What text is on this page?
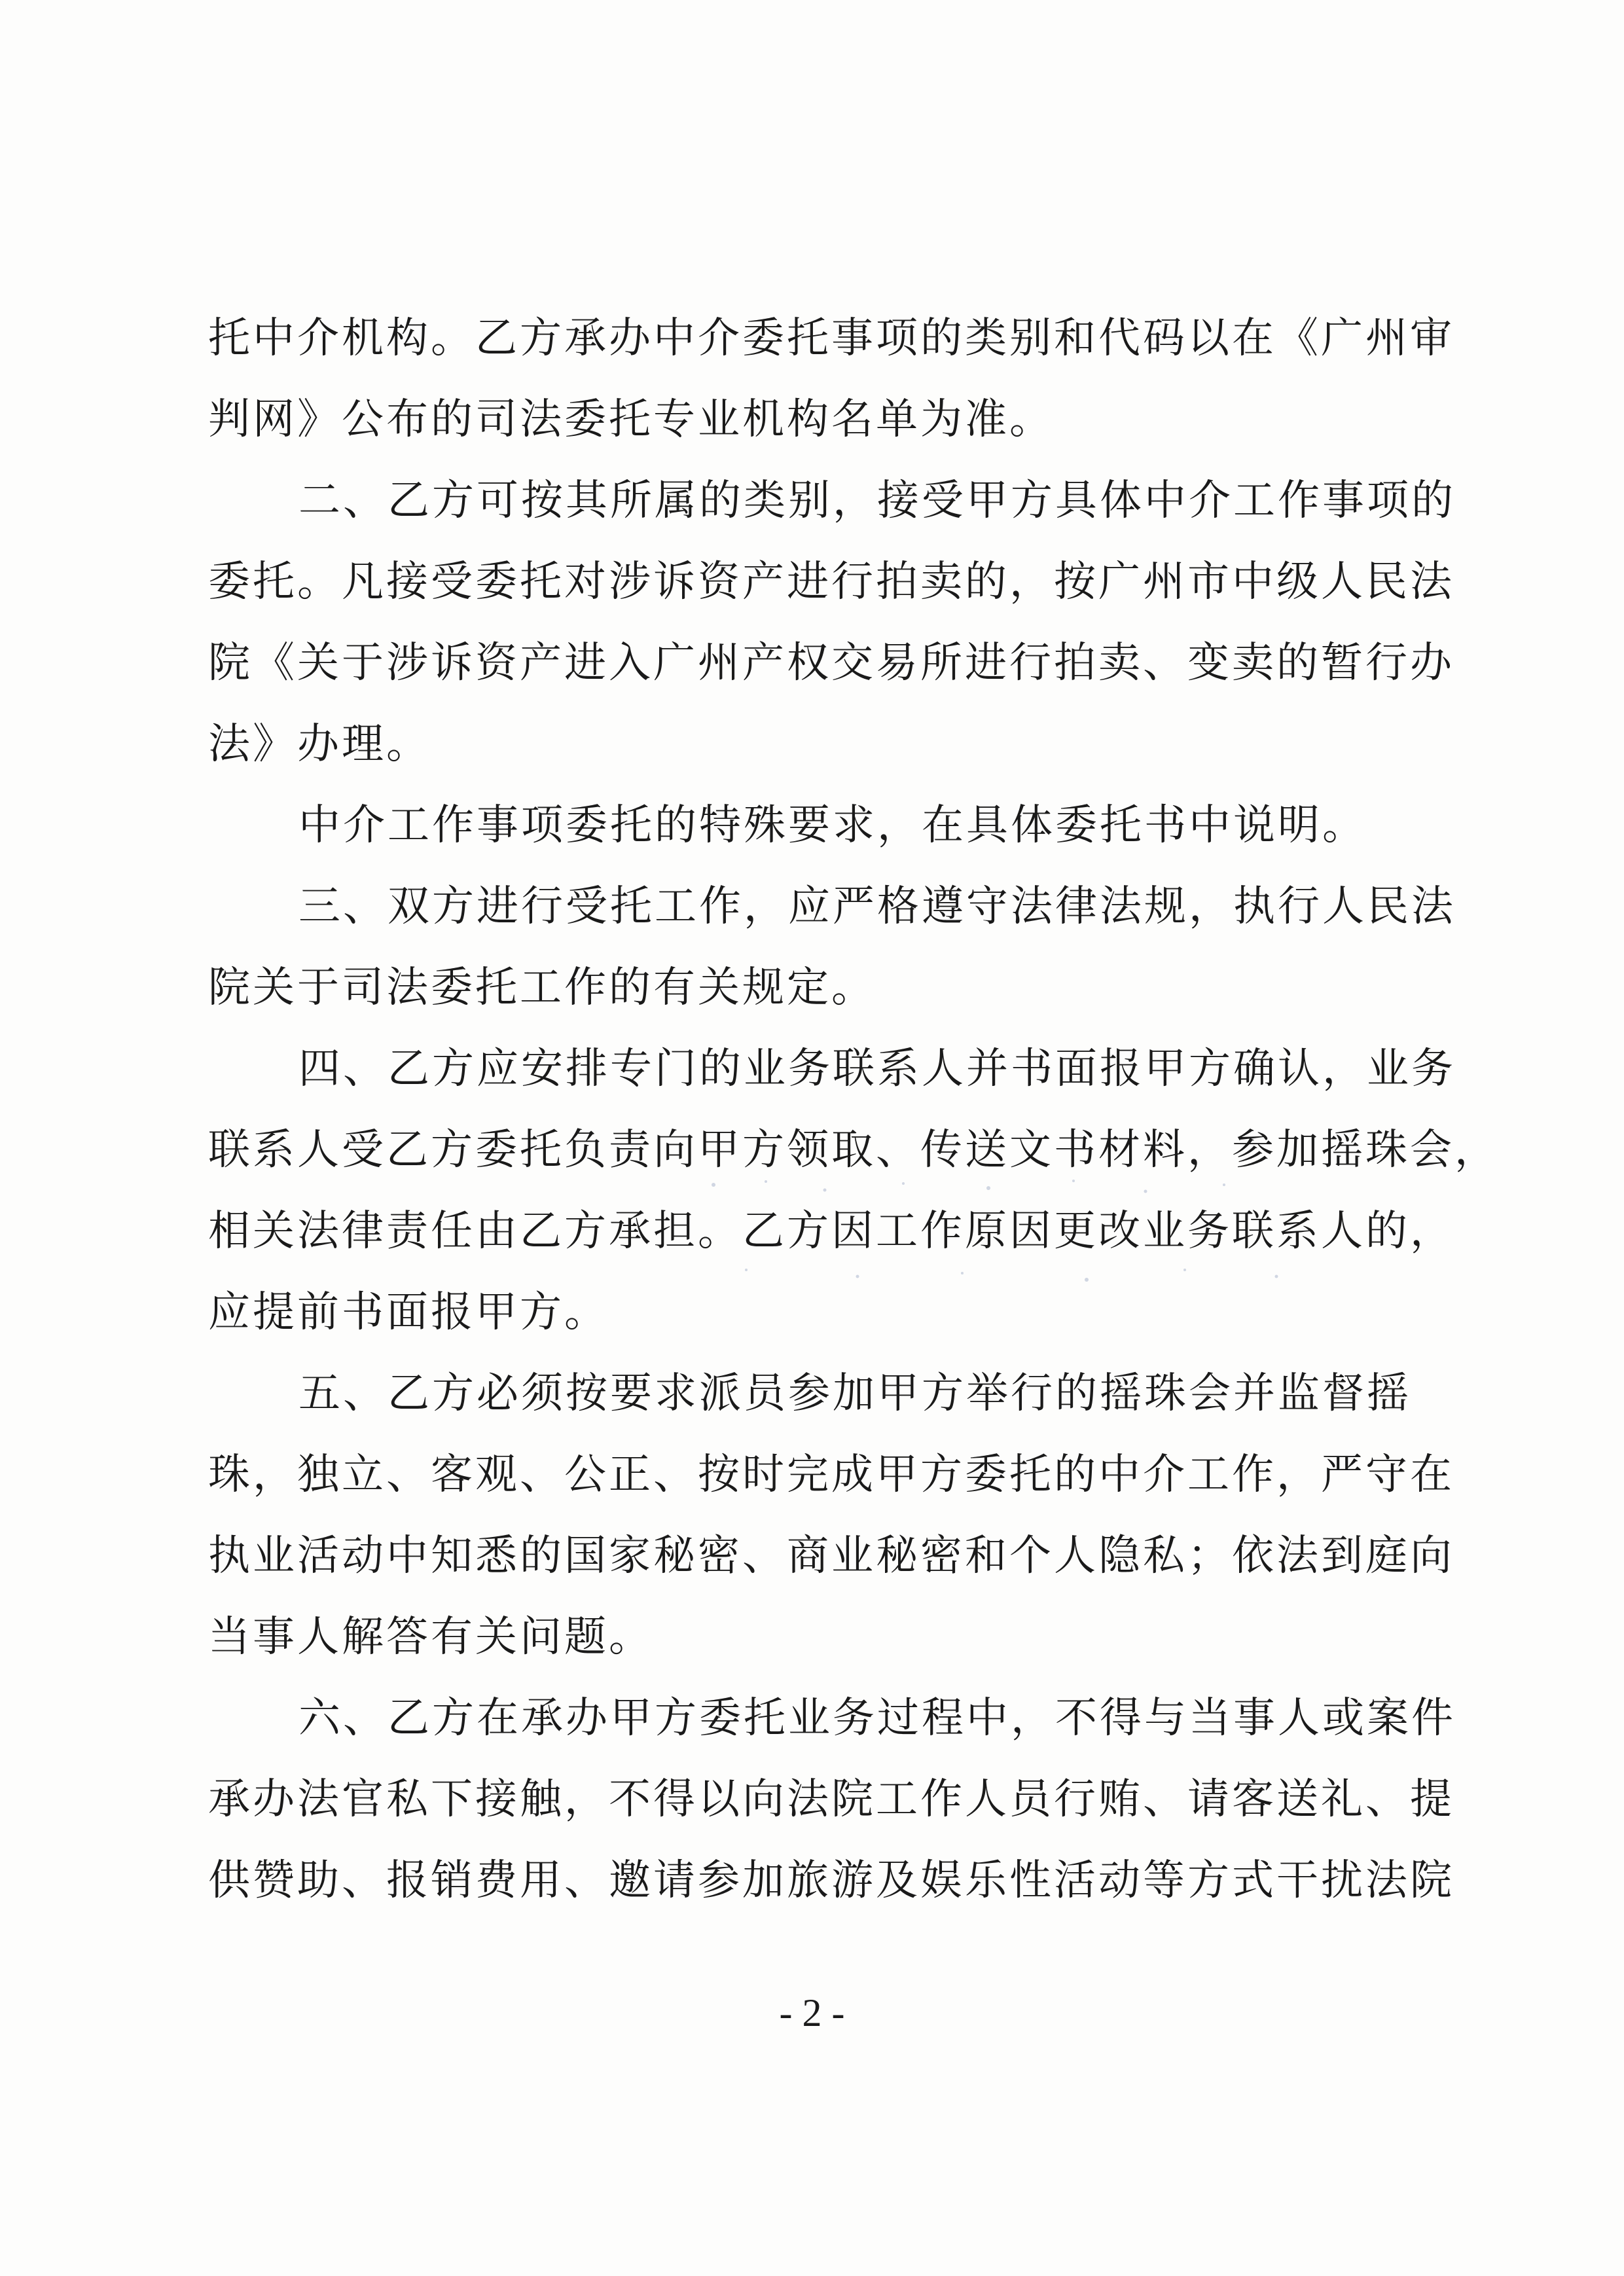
托中介机构。乙方承办中介委托事项的类别和代码以在《广州审
判网》公布的司法委托专业机构名单为准。
二、乙方可按其所属的类别，接受甲方具体中介工作事项的
委托。凡接受委托对涉诉资产进行拍卖的，按广州市中级人民法
院《关于涉诉资产进入广州产权交易所进行拍卖、变卖的暂行办
法》办理。
中介工作事项委托的特殊要求，在具体委托书中说明。
三、双方进行受托工作，应严格遵守法律法规，执行人民法
院关于司法委托工作的有关规定。
四、乙方应安排专门的业务联系人并书面报甲方确认，业务
联系人受乙方委托负责向甲方领取、传送文书材料，参加摇珠会，
相关法律责任由乙方承担。乙方因工作原因更改业务联系人的，
应提前书面报甲方。
五、乙方必须按要求派员参加甲方举行的摇珠会并监督摇
珠，独立、客观、公正、按时完成甲方委托的中介工作，严守在
执业活动中知悉的国家秘密、商业秘密和个人隐私；依法到庭向
当事人解答有关问题。
六、乙方在承办甲方委托业务过程中，不得与当事人或案件
承办法官私下接触，不得以向法院工作人员行贿、请客送礼、提
供赞助、报销费用、邀请参加旅游及娱乐性活动等方式干扰法院
- 2 -
